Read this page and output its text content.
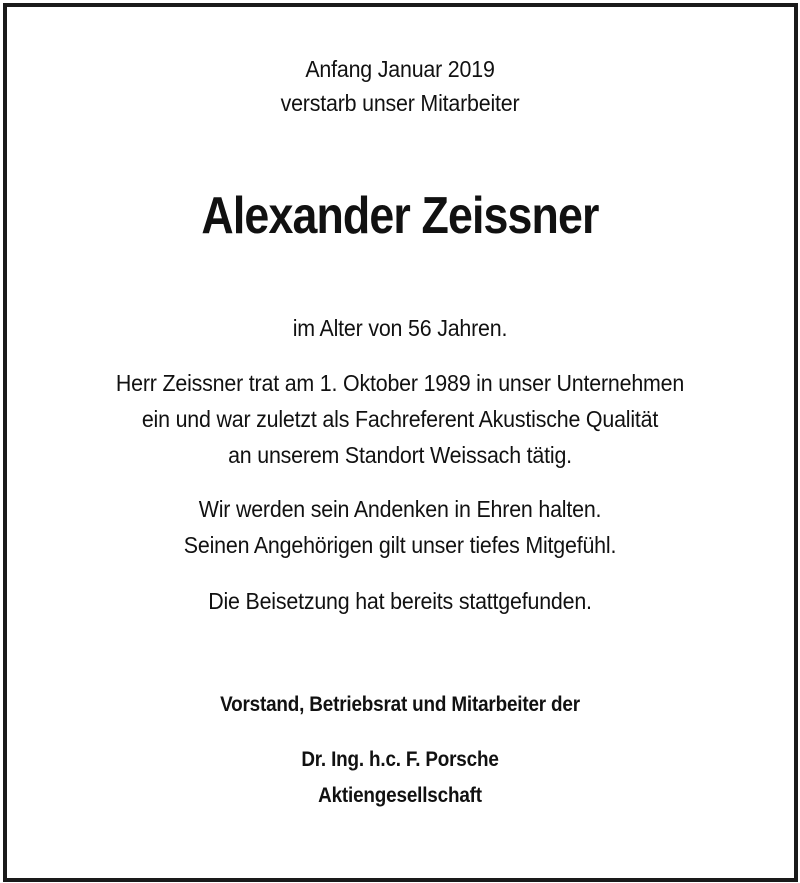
Anfang Januar 2019
verstarb unser Mitarbeiter
Alexander Zeissner
im Alter von 56 Jahren.
Herr Zeissner trat am 1. Oktober 1989 in unser Unternehmen
ein und war zuletzt als Fachreferent Akustische Qualität
an unserem Standort Weissach tätig.
Wir werden sein Andenken in Ehren halten.
Seinen Angehörigen gilt unser tiefes Mitgefühl.
Die Beisetzung hat bereits stattgefunden.
Vorstand, Betriebsrat und Mitarbeiter der
Dr. Ing. h.c. F. Porsche
Aktiengesellschaft
